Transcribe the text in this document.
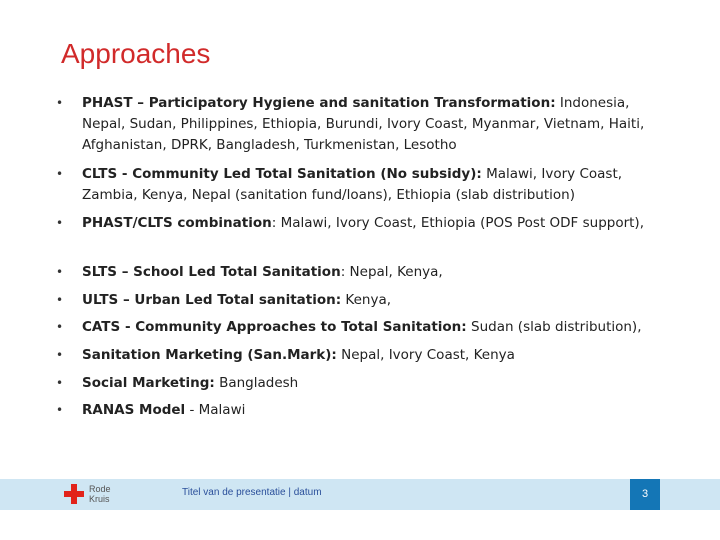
Approaches
• PHAST – Participatory Hygiene and sanitation Transformation: Indonesia, Nepal, Sudan, Philippines, Ethiopia, Burundi, Ivory Coast, Myanmar, Vietnam, Haiti, Afghanistan, DPRK, Bangladesh, Turkmenistan, Lesotho
• CLTS - Community Led Total Sanitation (No subsidy): Malawi, Ivory Coast, Zambia, Kenya, Nepal (sanitation fund/loans), Ethiopia (slab distribution)
• PHAST/CLTS combination: Malawi, Ivory Coast, Ethiopia (POS Post ODF support),
• SLTS – School Led Total Sanitation: Nepal, Kenya,
• ULTS – Urban Led Total sanitation: Kenya,
• CATS - Community Approaches to Total Sanitation: Sudan (slab distribution),
• Sanitation Marketing (San.Mark): Nepal, Ivory Coast, Kenya
• Social Marketing: Bangladesh
• RANAS Model - Malawi
Rode
Kruis
Titel van de presentatie | datum	3
